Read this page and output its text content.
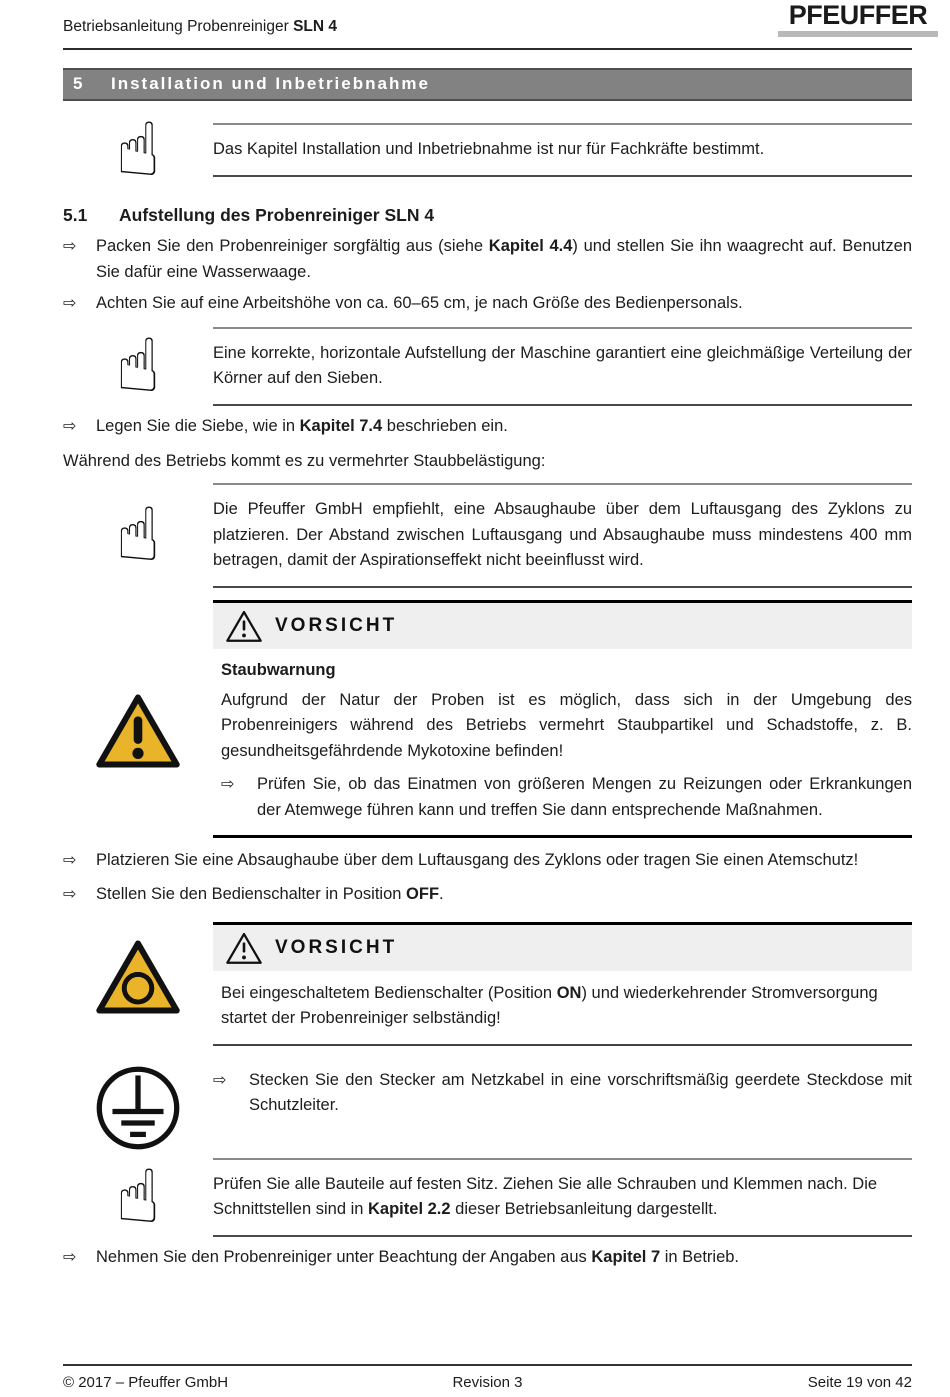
Betriebsanleitung Probenreiniger SLN 4	PFEUFFER
5	Installation und Inbetriebnahme
☝	Das Kapitel Installation und Inbetriebnahme ist nur für Fachkräfte bestimmt.
5.1	Aufstellung des Probenreiniger SLN 4
⇨	Packen Sie den Probenreiniger sorgfältig aus (siehe Kapitel 4.4) und stellen Sie ihn waagrecht auf. Benutzen Sie dafür eine Wasserwaage.
⇨	Achten Sie auf eine Arbeitshöhe von ca. 60–65 cm, je nach Größe des Bedienpersonals.
☝	Eine korrekte, horizontale Aufstellung der Maschine garantiert eine gleichmäßige Verteilung der Körner auf den Sieben.
⇨	Legen Sie die Siebe, wie in Kapitel 7.4 beschrieben ein.
Während des Betriebs kommt es zu vermehrter Staubbelästigung:
☝	Die Pfeuffer GmbH empfiehlt, eine Absaughaube über dem Luftausgang des Zyklons zu platzieren. Der Abstand zwischen Luftausgang und Absaughaube muss mindestens 400 mm betragen, damit der Aspirationseffekt nicht beeinflusst wird.
VORSICHT
Staubwarnung
Aufgrund der Natur der Proben ist es möglich, dass sich in der Umgebung des Probenreinigers während des Betriebs vermehrt Staubpartikel und Schadstoffe, z. B. gesundheitsgefährdende Mykotoxine befinden!
⇨	Prüfen Sie, ob das Einatmen von größeren Mengen zu Reizungen oder Erkrankungen der Atemwege führen kann und treffen Sie dann entsprechende Maßnahmen.
⇨	Platzieren Sie eine Absaughaube über dem Luftausgang des Zyklons oder tragen Sie einen Atemschutz!
⇨	Stellen Sie den Bedienschalter in Position OFF.
VORSICHT
Bei eingeschaltetem Bedienschalter (Position ON) und wiederkehrender Stromversorgung startet der Probenreiniger selbständig!
⇨	Stecken Sie den Stecker am Netzkabel in eine vorschriftsmäßig geerdete Steckdose mit Schutzleiter.
☝	Prüfen Sie alle Bauteile auf festen Sitz. Ziehen Sie alle Schrauben und Klemmen nach. Die Schnittstellen sind in Kapitel 2.2 dieser Betriebsanleitung dargestellt.
⇨	Nehmen Sie den Probenreiniger unter Beachtung der Angaben aus Kapitel 7 in Betrieb.
© 2017 – Pfeuffer GmbH	Revision 3	Seite 19 von 42
